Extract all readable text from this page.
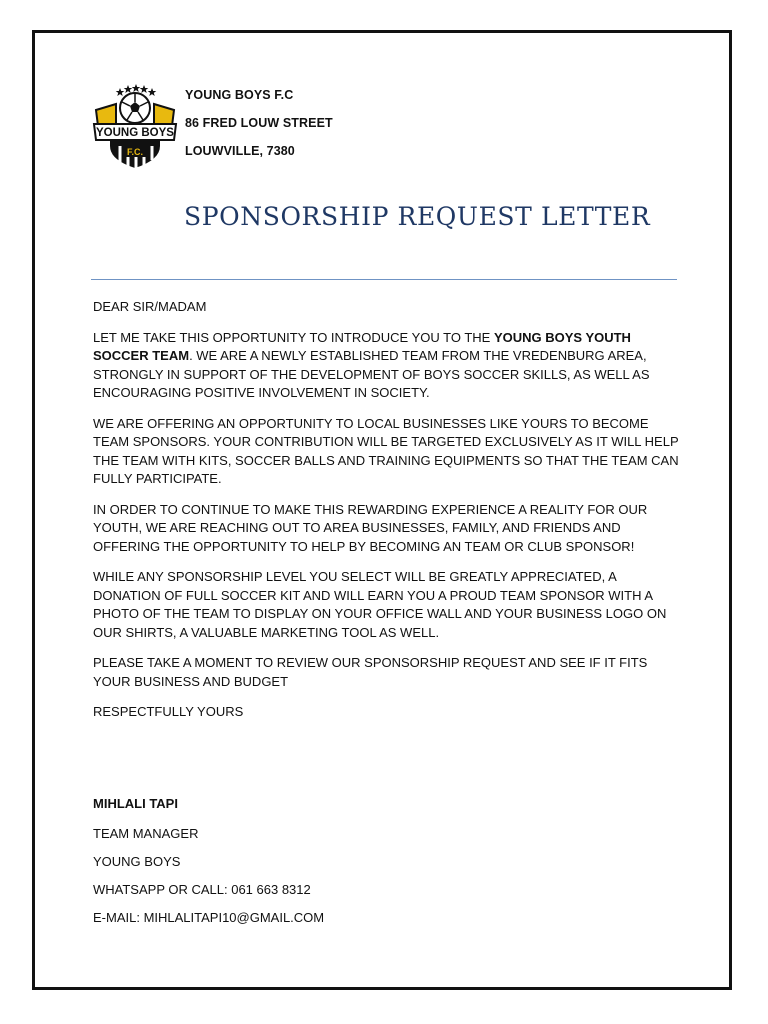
YOUNG BOYS
F.C.
YOUNG BOYS F.C
86 FRED LOUW STREET
LOUWVILLE, 7380
SPONSORSHIP REQUEST LETTER

DEAR SIR/MADAM

LET ME TAKE THIS OPPORTUNITY TO INTRODUCE YOU TO THE YOUNG BOYS YOUTH SOCCER TEAM. WE ARE A NEWLY ESTABLISHED TEAM FROM THE VREDENBURG AREA, STRONGLY IN SUPPORT OF THE DEVELOPMENT OF BOYS SOCCER SKILLS, AS WELL AS ENCOURAGING POSITIVE INVOLVEMENT IN SOCIETY.

WE ARE OFFERING AN OPPORTUNITY TO LOCAL BUSINESSES LIKE YOURS TO BECOME TEAM SPONSORS. YOUR CONTRIBUTION WILL BE TARGETED EXCLUSIVELY AS IT WILL HELP THE TEAM WITH KITS, SOCCER BALLS AND TRAINING EQUIPMENTS SO THAT THE TEAM CAN FULLY PARTICIPATE.

IN ORDER TO CONTINUE TO MAKE THIS REWARDING EXPERIENCE A REALITY FOR OUR YOUTH, WE ARE REACHING OUT TO AREA BUSINESSES, FAMILY, AND FRIENDS AND OFFERING THE OPPORTUNITY TO HELP BY BECOMING AN TEAM OR CLUB SPONSOR!

WHILE ANY SPONSORSHIP LEVEL YOU SELECT WILL BE GREATLY APPRECIATED, A DONATION OF FULL SOCCER KIT AND WILL EARN YOU A PROUD TEAM SPONSOR WITH A PHOTO OF THE TEAM TO DISPLAY ON YOUR OFFICE WALL AND YOUR BUSINESS LOGO ON OUR SHIRTS, A VALUABLE MARKETING TOOL AS WELL.

PLEASE TAKE A MOMENT TO REVIEW OUR SPONSORSHIP REQUEST AND SEE IF IT FITS YOUR BUSINESS AND BUDGET

RESPECTFULLY YOURS

MIHLALI TAPI
TEAM MANAGER
YOUNG BOYS
WHATSAPP OR CALL: 061 663 8312
E-MAIL: MIHLALITAPI10@GMAIL.COM
